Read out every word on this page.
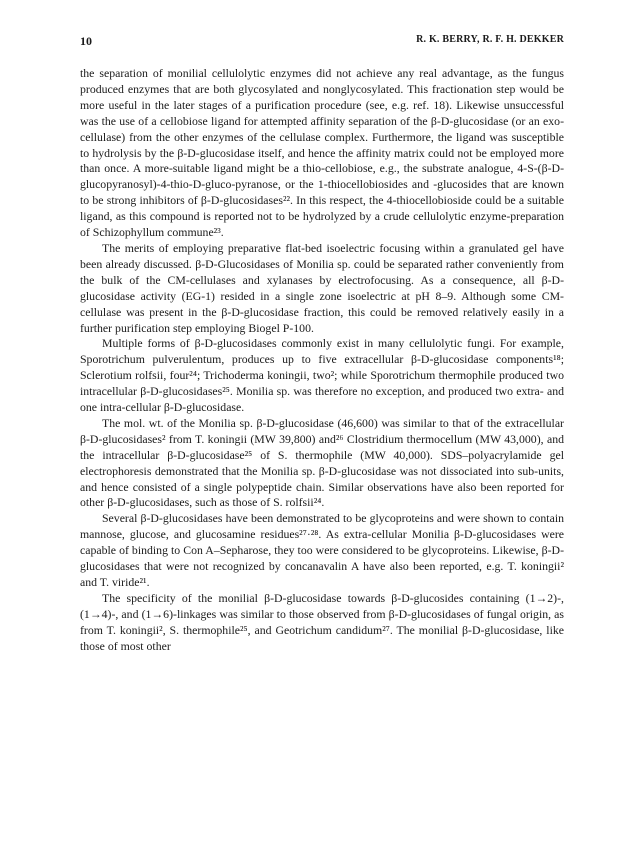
10	R. K. BERRY, R. F. H. DEKKER

the separation of monilial cellulolytic enzymes did not achieve any real advantage, as the fungus produced enzymes that are both glycosylated and nonglycosylated. This fractionation step would be more useful in the later stages of a purification procedure (see, e.g. ref. 18). Likewise unsuccessful was the use of a cellobiose ligand for attempted affinity separation of the β-D-glucosidase (or an exo-cellulase) from the other enzymes of the cellulase complex. Furthermore, the ligand was susceptible to hydrolysis by the β-D-glucosidase itself, and hence the affinity matrix could not be employed more than once. A more-suitable ligand might be a thio-cellobiose, e.g., the substrate analogue, 4-S-(β-D-glucopyranosyl)-4-thio-D-gluco-pyranose, or the 1-thiocellobiosides and -glucosides that are known to be strong inhibitors of β-D-glucosidases²². In this respect, the 4-thiocellobioside could be a suitable ligand, as this compound is reported not to be hydrolyzed by a crude cellulolytic enzyme-preparation of Schizophyllum commune²³.

The merits of employing preparative flat-bed isoelectric focusing within a granulated gel have been already discussed. β-D-Glucosidases of Monilia sp. could be separated rather conveniently from the bulk of the CM-cellulases and xylanases by electrofocusing. As a consequence, all β-D-glucosidase activity (EG-1) resided in a single zone isoelectric at pH 8–9. Although some CM-cellulase was present in the β-D-glucosidase fraction, this could be removed relatively easily in a further purification step employing Biogel P-100.

Multiple forms of β-D-glucosidases commonly exist in many cellulolytic fungi. For example, Sporotrichum pulverulentum, produces up to five extracellular β-D-glucosidase components¹⁸; Sclerotium rolfsii, four²⁴; Trichoderma koningii, two²; while Sporotrichum thermophile produced two intracellular β-D-glucosidases²⁵. Monilia sp. was therefore no exception, and produced two extra- and one intra-cellular β-D-glucosidase.

The mol. wt. of the Monilia sp. β-D-glucosidase (46,600) was similar to that of the extracellular β-D-glucosidases² from T. koningii (MW 39,800) and²⁶ Clostridium thermocellum (MW 43,000), and the intracellular β-D-glucosidase²⁵ of S. thermophile (MW 40,000). SDS–polyacrylamide gel electrophoresis demonstrated that the Monilia sp. β-D-glucosidase was not dissociated into sub-units, and hence consisted of a single polypeptide chain. Similar observations have also been reported for other β-D-glucosidases, such as those of S. rolfsii²⁴.

Several β-D-glucosidases have been demonstrated to be glycoproteins and were shown to contain mannose, glucose, and glucosamine residues²⁷·²⁸. As extra-cellular Monilia β-D-glucosidases were capable of binding to Con A–Sepharose, they too were considered to be glycoproteins. Likewise, β-D-glucosidases that were not recognized by concanavalin A have also been reported, e.g. T. koningii² and T. viride²¹.

The specificity of the monilial β-D-glucosidase towards β-D-glucosides containing (1→2)-, (1→4)-, and (1→6)-linkages was similar to those observed from β-D-glucosidases of fungal origin, as from T. koningii², S. thermophile²⁵, and Geotrichum candidum²⁷. The monilial β-D-glucosidase, like those of most other
